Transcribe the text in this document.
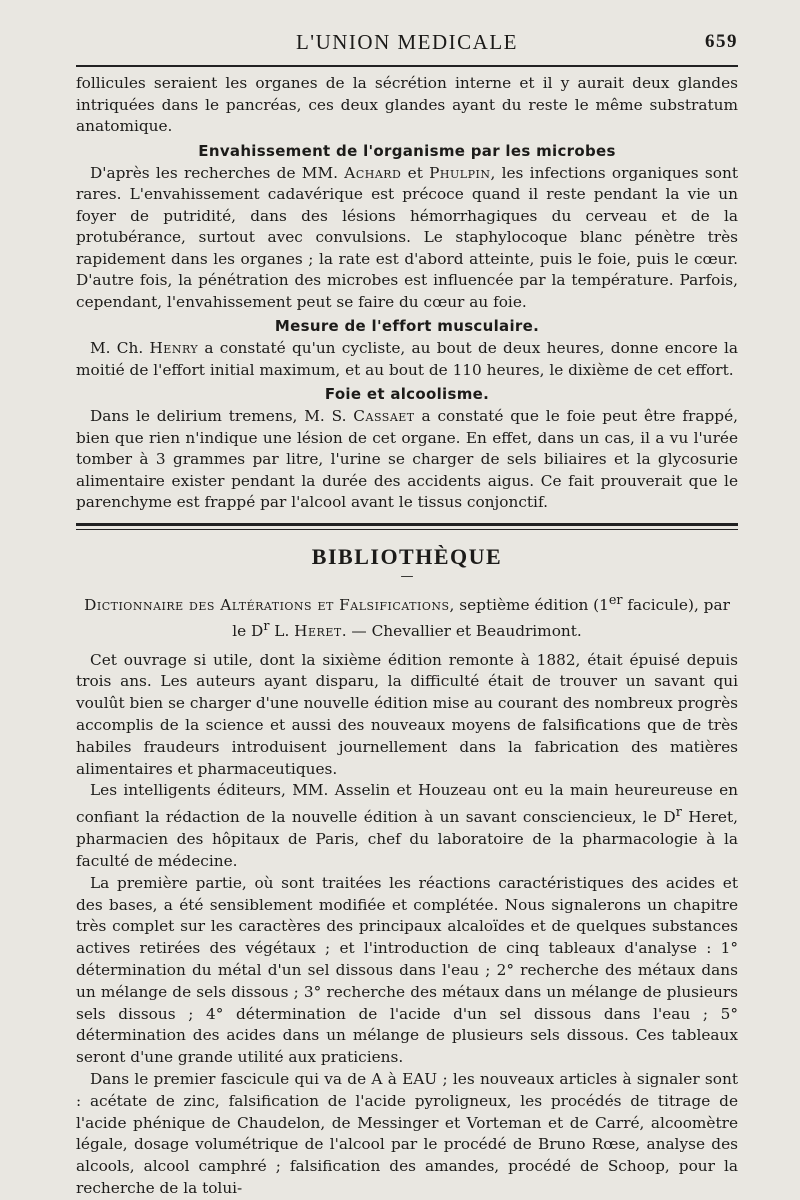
L'UNION MEDICALE	659

follicules seraient les organes de la sécrétion interne et il y aurait deux glandes intriquées dans le pancréas, ces deux glandes ayant du reste le même substratum anatomique.

Envahissement de l'organisme par les microbes

D'après les recherches de MM. Achard et Phulpin, les infections organiques sont rares. L'envahissement cadavérique est précoce quand il reste pendant la vie un foyer de putridité, dans des lésions hémorrhagiques du cerveau et de la protubérance, surtout avec convulsions. Le staphylocoque blanc pénètre très rapidement dans les organes ; la rate est d'abord atteinte, puis le foie, puis le cœur. D'autre fois, la pénétration des microbes est influencée par la température. Parfois, cependant, l'envahissement peut se faire du cœur au foie.

Mesure de l'effort musculaire.

M. Ch. Henry a constaté qu'un cycliste, au bout de deux heures, donne encore la moitié de l'effort initial maximum, et au bout de 110 heures, le dixième de cet effort.

Foie et alcoolisme.

Dans le delirium tremens, M. S. Cassaet a constaté que le foie peut être frappé, bien que rien n'indique une lésion de cet organe. En effet, dans un cas, il a vu l'urée tomber à 3 grammes par litre, l'urine se charger de sels biliaires et la glycosurie alimentaire exister pendant la durée des accidents aigus. Ce fait prouverait que le parenchyme est frappé par l'alcool avant le tissus conjonctif.

BIBLIOTHÈQUE
—
Dictionnaire des Altérations et Falsifications, septième édition (1er facicule), par le $D^r$ L. Heret. — Chevallier et Beaudrimont.

Cet ouvrage si utile, dont la sixième édition remonte à 1882, était épuisé depuis trois ans. Les auteurs ayant disparu, la difficulté était de trouver un savant qui voulût bien se charger d'une nouvelle édition mise au courant des nombreux progrès accomplis de la science et aussi des nouveaux moyens de falsifications que de très habiles fraudeurs introduisent journellement dans la fabrication des matières alimentaires et pharmaceutiques.

Les intelligents éditeurs, MM. Asselin et Houzeau ont eu la main heureureuse en confiant la rédaction de la nouvelle édition à un savant consciencieux, le $D^r$ Heret, pharmacien des hôpitaux de Paris, chef du laboratoire de la pharmacologie à la faculté de médecine.

La première partie, où sont traitées les réactions caractéristiques des acides et des bases, a été sensiblement modifiée et complétée. Nous signalerons un chapitre très complet sur les caractères des principaux alcaloïdes et de quelques substances actives retirées des végétaux ; et l'introduction de cinq tableaux d'analyse : 1° détermination du métal d'un sel dissous dans l'eau ; 2° recherche des métaux dans un mélange de sels dissous ; 3° recherche des métaux dans un mélange de plusieurs sels dissous ; 4° détermination de l'acide d'un sel dissous dans l'eau ; 5° détermination des acides dans un mélange de plusieurs sels dissous. Ces tableaux seront d'une grande utilité aux praticiens.

Dans le premier fascicule qui va de A à EAU ; les nouveaux articles à signaler sont : acétate de zinc, falsification de l'acide pyroligneux, les procédés de titrage de l'acide phénique de Chaudelon, de Messinger et Vorteman et de Carré, alcoomètre légale, dosage volumétrique de l'alcool par le procédé de Bruno Rœse, analyse des alcools, alcool camphré ; falsification des amandes, procédé de Schoop, pour la recherche de la tolui-
